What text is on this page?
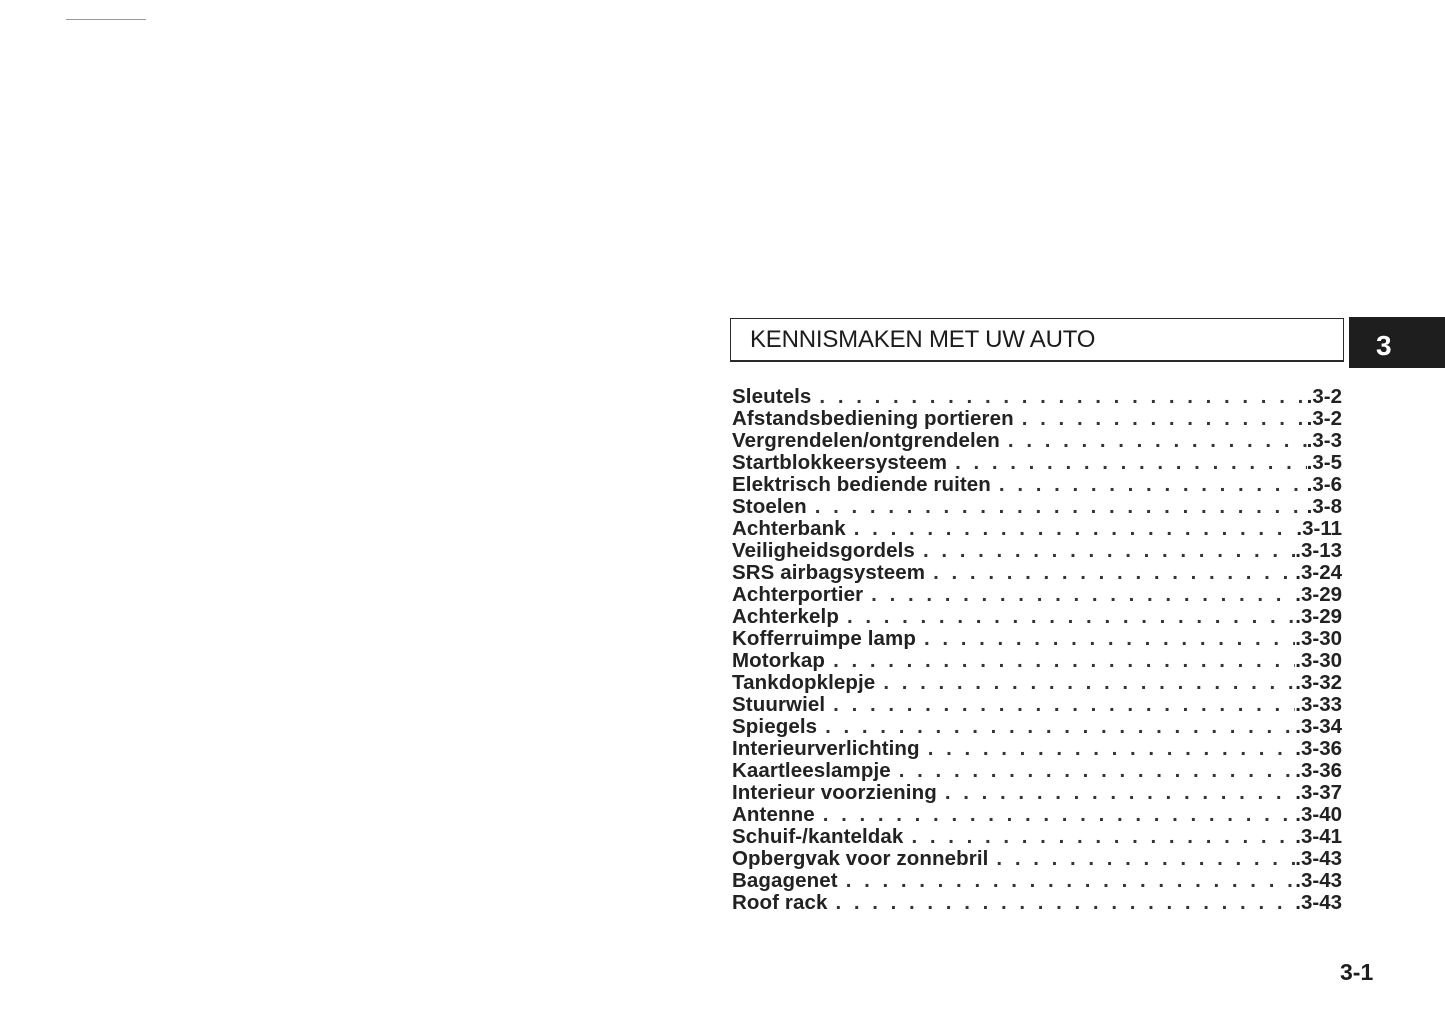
KENNISMAKEN MET UW AUTO	3
Sleutels . . .	.3-2
Afstandsbediening portieren . . .	.3-2
Vergrendelen/ontgrendelen . . .	.3-3
Startblokkeersysteem . . .	.3-5
Elektrisch bediende ruiten . . .	.3-6
Stoelen . . .	.3-8
Achterbank . . .	.3-11
Veiligheidsgordels . . .	.3-13
SRS airbagsysteem . . .	.3-24
Achterportier . . .	.3-29
Achterkelp . . .	.3-29
Kofferruimpe lamp . . .	.3-30
Motorkap . . .	.3-30
Tankdopklepje . . .	.3-32
Stuurwiel . . .	.3-33
Spiegels . . .	.3-34
Interieurverlichting . . .	.3-36
Kaartleeslampje . . .	.3-36
Interieur voorziening . . .	.3-37
Antenne . . .	.3-40
Schuif-/kanteldak . . .	.3-41
Opbergvak voor zonnebril . . .	.3-43
Bagagenet . . .	.3-43
Roof rack . . .	.3-43
3-1
